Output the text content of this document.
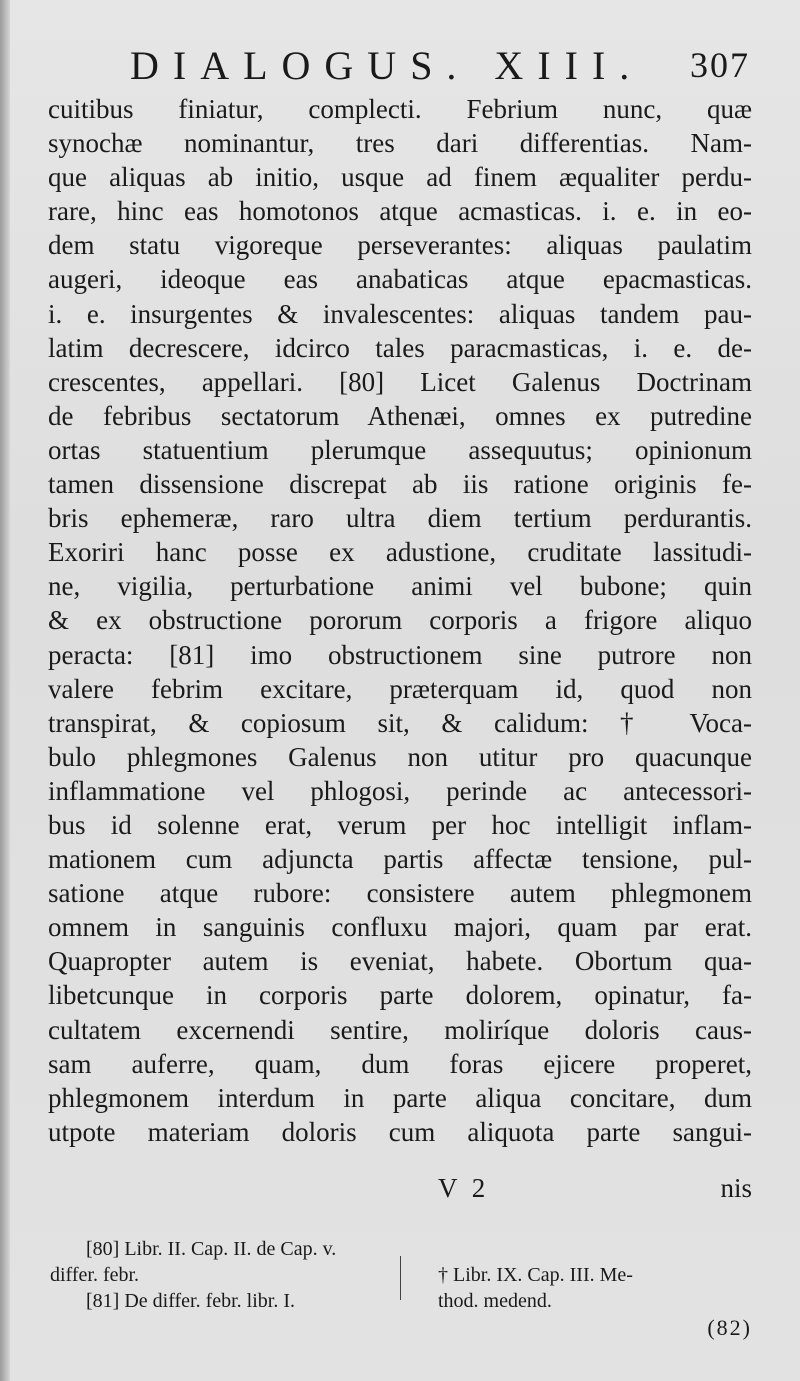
DIALOGUS. XIII. 307
cuitibus finiatur, complecti. Febrium nunc, quæ
synochæ nominantur, tres dari differentias. Nam-
que aliquas ab initio, usque ad finem æqualiter perdu-
rare, hinc eas homotonos atque acmasticas. i. e. in eo-
dem statu vigoreque perseverantes: aliquas paulatim
augeri, ideoque eas anabaticas atque epacmasticas.
i. e. insurgentes & invalescentes: aliquas tandem pau-
latim decrescere, idcirco tales paracmasticas, i. e. de-
crescentes, appellari. [80] Licet Galenus Doctrinam
de febribus sectatorum Athenæi, omnes ex putredine
ortas statuentium plerumque assequutus; opinionum
tamen dissensione discrepat ab iis ratione originis fe-
bris ephemeræ, raro ultra diem tertium perdurantis.
Exoriri hanc posse ex adustione, cruditate lassitudi-
ne, vigilia, perturbatione animi vel bubone; quin
& ex obstructione pororum corporis a frigore aliquo
peracta: [81] imo obstructionem sine putrore non
valere febrim excitare, præterquam id, quod non
transpirat, & copiosum sit, & calidum: † Voca-
bulo phlegmones Galenus non utitur pro quacunque
inflammatione vel phlogosi, perinde ac antecessori-
bus id solenne erat, verum per hoc intelligit inflam-
mationem cum adjuncta partis affectæ tensione, pul-
satione atque rubore: consistere autem phlegmonem
omnem in sanguinis confluxu majori, quam par erat.
Quapropter autem is eveniat, habete. Obortum qua-
libetcunque in corporis parte dolorem, opinatur, fa-
cultatem excernendi sentire, moliríque doloris caus-
sam auferre, quam, dum foras ejicere properet,
phlegmonem interdum in parte aliqua concitare, dum
utpote materiam doloris cum aliquota parte sangui-
V 2	nis
[80] Libr. II. Cap. II. de Cap. v.
differ. febr.	† Libr. IX. Cap. III. Me-
[81] De differ. febr. libr. I.	thod. medend.
(82)
